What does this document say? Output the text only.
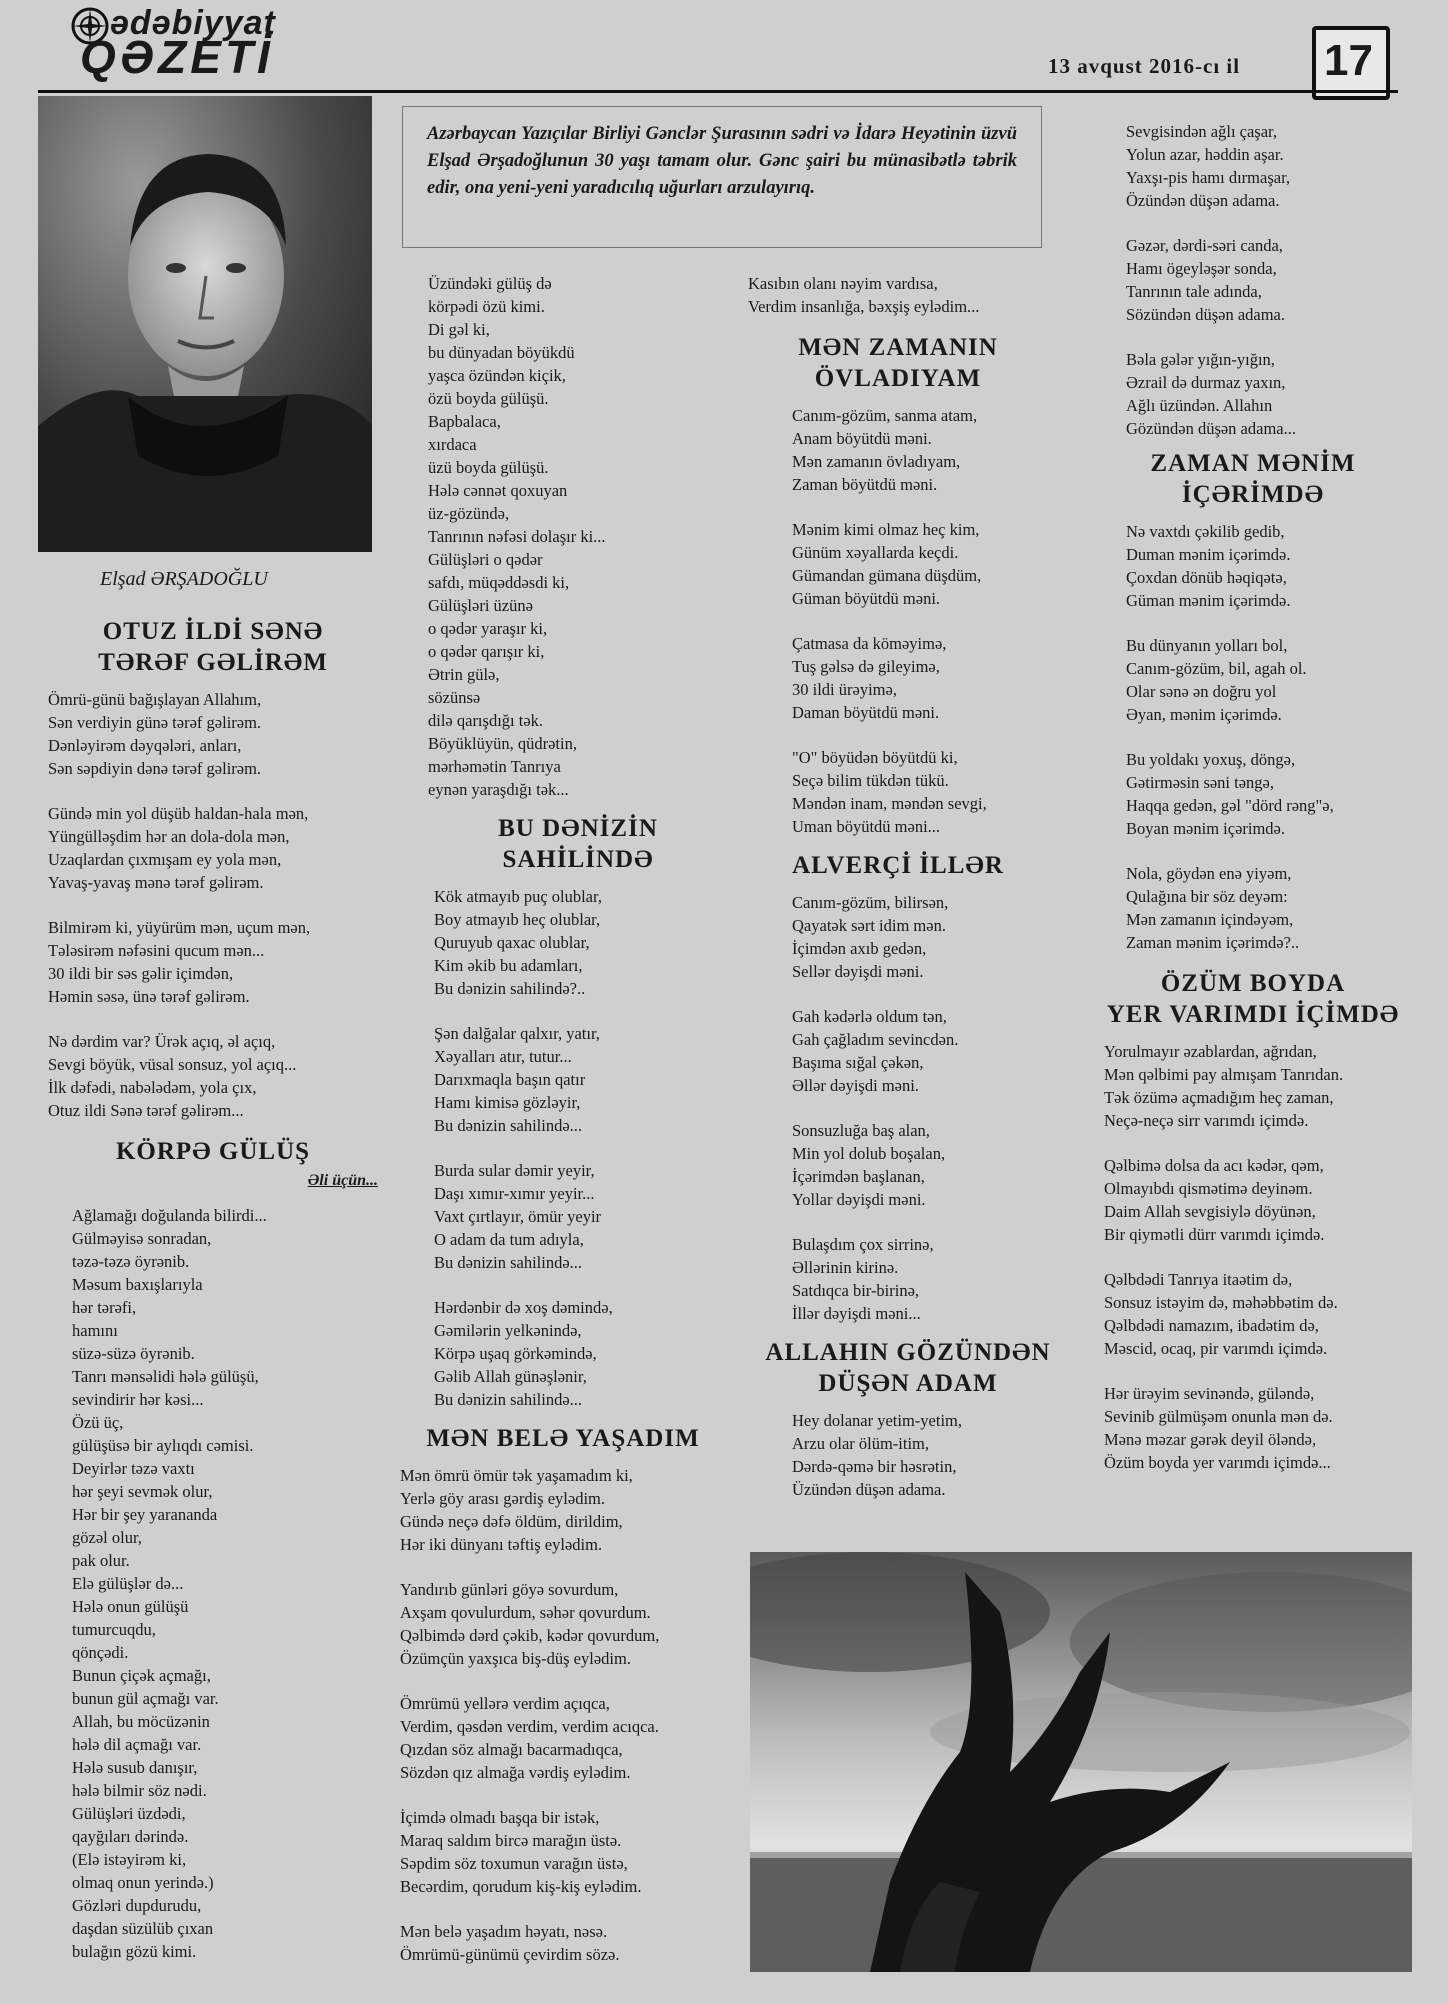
ədəbiyyat
QƏZETİ	13 avqust 2016-cı il 17
Elşad ƏRŞADOĞLU
Azərbaycan Yazıçılar Birliyi Gənclər Şurasının sədri və İdarə Heyətinin üzvü Elşad Ərşadoğlunun 30 yaşı tamam olur. Gənc şairi bu münasibətlə təbrik edir, ona yeni-yeni yaradıcılıq uğurları arzulayırıq.
OTUZ İLDİ SƏNƏ
TƏRƏF GƏLİRƏM

Ömrü-günü bağışlayan Allahım,
Sən verdiyin günə tərəf gəlirəm.
Dənləyirəm dəyqələri, anları,
Sən səpdiyin dənə tərəf gəlirəm.

Gündə min yol düşüb haldan-hala mən,
Yüngülləşdim hər an dola-dola mən,
Uzaqlardan çıxmışam ey yola mən,
Yavaş-yavaş mənə tərəf gəlirəm.

Bilmirəm ki, yüyürüm mən, uçum mən,
Tələsirəm nəfəsini qucum mən...
30 ildi bir səs gəlir içimdən,
Həmin səsə, ünə tərəf gəlirəm.

Nə dərdim var? Ürək açıq, əl açıq,
Sevgi böyük, vüsal sonsuz, yol açıq...
İlk dəfədi, nabələdəm, yola çıx,
Otuz ildi Sənə tərəf gəlirəm...

KÖRPƏ GÜLÜŞ
Əli üçün...

Ağlamağı doğulanda bilirdi...
Gülməyisə sonradan,
təzə-təzə öyrənib.
Məsum baxışlarıyla
hər tərəfi,
hamını
süzə-süzə öyrənib.
Tanrı mənsəlidi hələ gülüşü,
sevindirir hər kəsi...
Özü üç,
gülüşüsə bir aylıqdı cəmisi.
Deyirlər təzə vaxtı
hər şeyi sevmək olur,
Hər bir şey yarananda
gözəl olur,
pak olur.
Elə gülüşlər də...
Hələ onun gülüşü
tumurcuqdu,
qönçədi.
Bunun çiçək açmağı,
bunun gül açmağı var.
Allah, bu möcüzənin
hələ dil açmağı var.
Hələ susub danışır,
hələ bilmir söz nədi.
Gülüşləri üzdədi,
qayğıları dərində.
(Elə istəyirəm ki,
olmaq onun yerində.)
Gözləri dupdurudu,
daşdan süzülüb çıxan
bulağın gözü kimi.

Üzündəki gülüş də
körpədi özü kimi.
Di gəl ki,
bu dünyadan böyükdü
yaşca özündən kiçik,
özü boyda gülüşü.
Bapbalaca,
xırdaca
üzü boyda gülüşü.
Hələ cənnət qoxuyan
üz-gözündə,
Tanrının nəfəsi dolaşır ki...
Gülüşləri o qədər
safdı, müqəddəsdi ki,
Gülüşləri üzünə
o qədər yaraşır ki,
o qədər qarışır ki,
Ətrin gülə,
sözünsə
dilə qarışdığı tək.
Böyüklüyün, qüdrətin,
mərhəmətin Tanrıya
eynən yaraşdığı tək...

BU DƏNİZİN
SAHİLİNDƏ

Kök atmayıb puç olublar,
Boy atmayıb heç olublar,
Quruyub qaxac olublar,
Kim əkib bu adamları,
Bu dənizin sahilində?..

Şən dalğalar qalxır, yatır,
Xəyalları atır, tutur...
Darıxmaqla başın qatır
Hamı kimisə gözləyir,
Bu dənizin sahilində...

Burda sular dəmir yeyir,
Daşı xımır-xımır yeyir...
Vaxt çırtlayır, ömür yeyir
O adam da tum adıyla,
Bu dənizin sahilində...

Hərdənbir də xoş dəmində,
Gəmilərin yelkənində,
Körpə uşaq görkəmində,
Gəlib Allah günəşlənir,
Bu dənizin sahilində...

MƏN BELƏ YAŞADIM

Mən ömrü ömür tək yaşamadım ki,
Yerlə göy arası gərdiş eylədim.
Gündə neçə dəfə öldüm, dirildim,
Hər iki dünyanı təftiş eylədim.

Yandırıb günləri göyə sovurdum,
Axşam qovulurdum, səhər qovurdum.
Qəlbimdə dərd çəkib, kədər qovurdum,
Özümçün yaxşıca biş-düş eylədim.

Ömrümü yellərə verdim açıqca,
Verdim, qəsdən verdim, verdim acıqca.
Qızdan söz almağı bacarmadıqca,
Sözdən qız almağa vərdiş eylədim.

İçimdə olmadı başqa bir istək,
Maraq saldım bircə marağın üstə.
Səpdim söz toxumun varağın üstə,
Becərdim, qorudum kiş-kiş eylədim.

Mən belə yaşadım həyatı, nəsə.
Ömrümü-günümü çevirdim sözə.

Kasıbın olanı nəyim vardısa,
Verdim insanlığa, bəxşiş eylədim...

MƏN ZAMANIN
ÖVLADIYAM

Canım-gözüm, sanma atam,
Anam böyütdü məni.
Mən zamanın övladıyam,
Zaman böyütdü məni.

Mənim kimi olmaz heç kim,
Günüm xəyallarda keçdi.
Gümandan gümana düşdüm,
Güman böyütdü məni.

Çatmasa da köməyimə,
Tuş gəlsə də gileyimə,
30 ildi ürəyimə,
Daman böyütdü məni.

"O" böyüdən böyütdü ki,
Seçə bilim tükdən tükü.
Məndən inam, məndən sevgi,
Uman böyütdü məni...

ALVERÇİ İLLƏR

Canım-gözüm, bilirsən,
Qayatək sərt idim mən.
İçimdən axıb gedən,
Sellər dəyişdi məni.

Gah kədərlə oldum tən,
Gah çağladım sevincdən.
Başıma sığal çəkən,
Əllər dəyişdi məni.

Sonsuzluğa baş alan,
Min yol dolub boşalan,
İçərimdən başlanan,
Yollar dəyişdi məni.

Bulaşdım çox sirrinə,
Əllərinin kirinə.
Satdıqca bir-birinə,
İllər dəyişdi məni...

ALLAHIN GÖZÜNDƏN
DÜŞƏN ADAM

Hey dolanar yetim-yetim,
Arzu olar ölüm-itim,
Dərdə-qəmə bir həsrətin,
Üzündən düşən adama.

Sevgisindən ağlı çaşar,
Yolun azar, həddin aşar.
Yaxşı-pis hamı dırmaşar,
Özündən düşən adama.

Gəzər, dərdi-səri canda,
Hamı ögeyləşər sonda,
Tanrının tale adında,
Sözündən düşən adama.

Bəla gələr yığın-yığın,
Əzrail də durmaz yaxın,
Ağlı üzündən. Allahın
Gözündən düşən adama...

ZAMAN MƏNİM
İÇƏRİMDƏ

Nə vaxtdı çəkilib gedib,
Duman mənim içərimdə.
Çoxdan dönüb həqiqətə,
Güman mənim içərimdə.

Bu dünyanın yolları bol,
Canım-gözüm, bil, agah ol.
Olar sənə ən doğru yol
Əyan, mənim içərimdə.

Bu yoldakı yoxuş, döngə,
Gətirməsin səni təngə,
Haqqa gedən, gəl "dörd rəng"ə,
Boyan mənim içərimdə.

Nola, göydən enə yiyəm,
Qulağına bir söz deyəm:
Mən zamanın içindəyəm,
Zaman mənim içərimdə?..

ÖZÜM BOYDA
YER VARIMDI İÇİMDƏ

Yorulmayır əzablardan, ağrıdan,
Mən qəlbimi pay almışam Tanrıdan.
Tək özümə açmadığım heç zaman,
Neçə-neçə sirr varımdı içimdə.

Qəlbimə dolsa da acı kədər, qəm,
Olmayıbdı qismətimə deyinəm.
Daim Allah sevgisiylə döyünən,
Bir qiymətli dürr varımdı içimdə.

Qəlbdədi Tanrıya itaətim də,
Sonsuz istəyim də, məhəbbətim də.
Qəlbdədi namazım, ibadətim də,
Məscid, ocaq, pir varımdı içimdə.

Hər ürəyim sevinəndə, güləndə,
Sevinib gülmüşəm onunla mən də.
Mənə məzar gərək deyil öləndə,
Özüm boyda yer varımdı içimdə...
